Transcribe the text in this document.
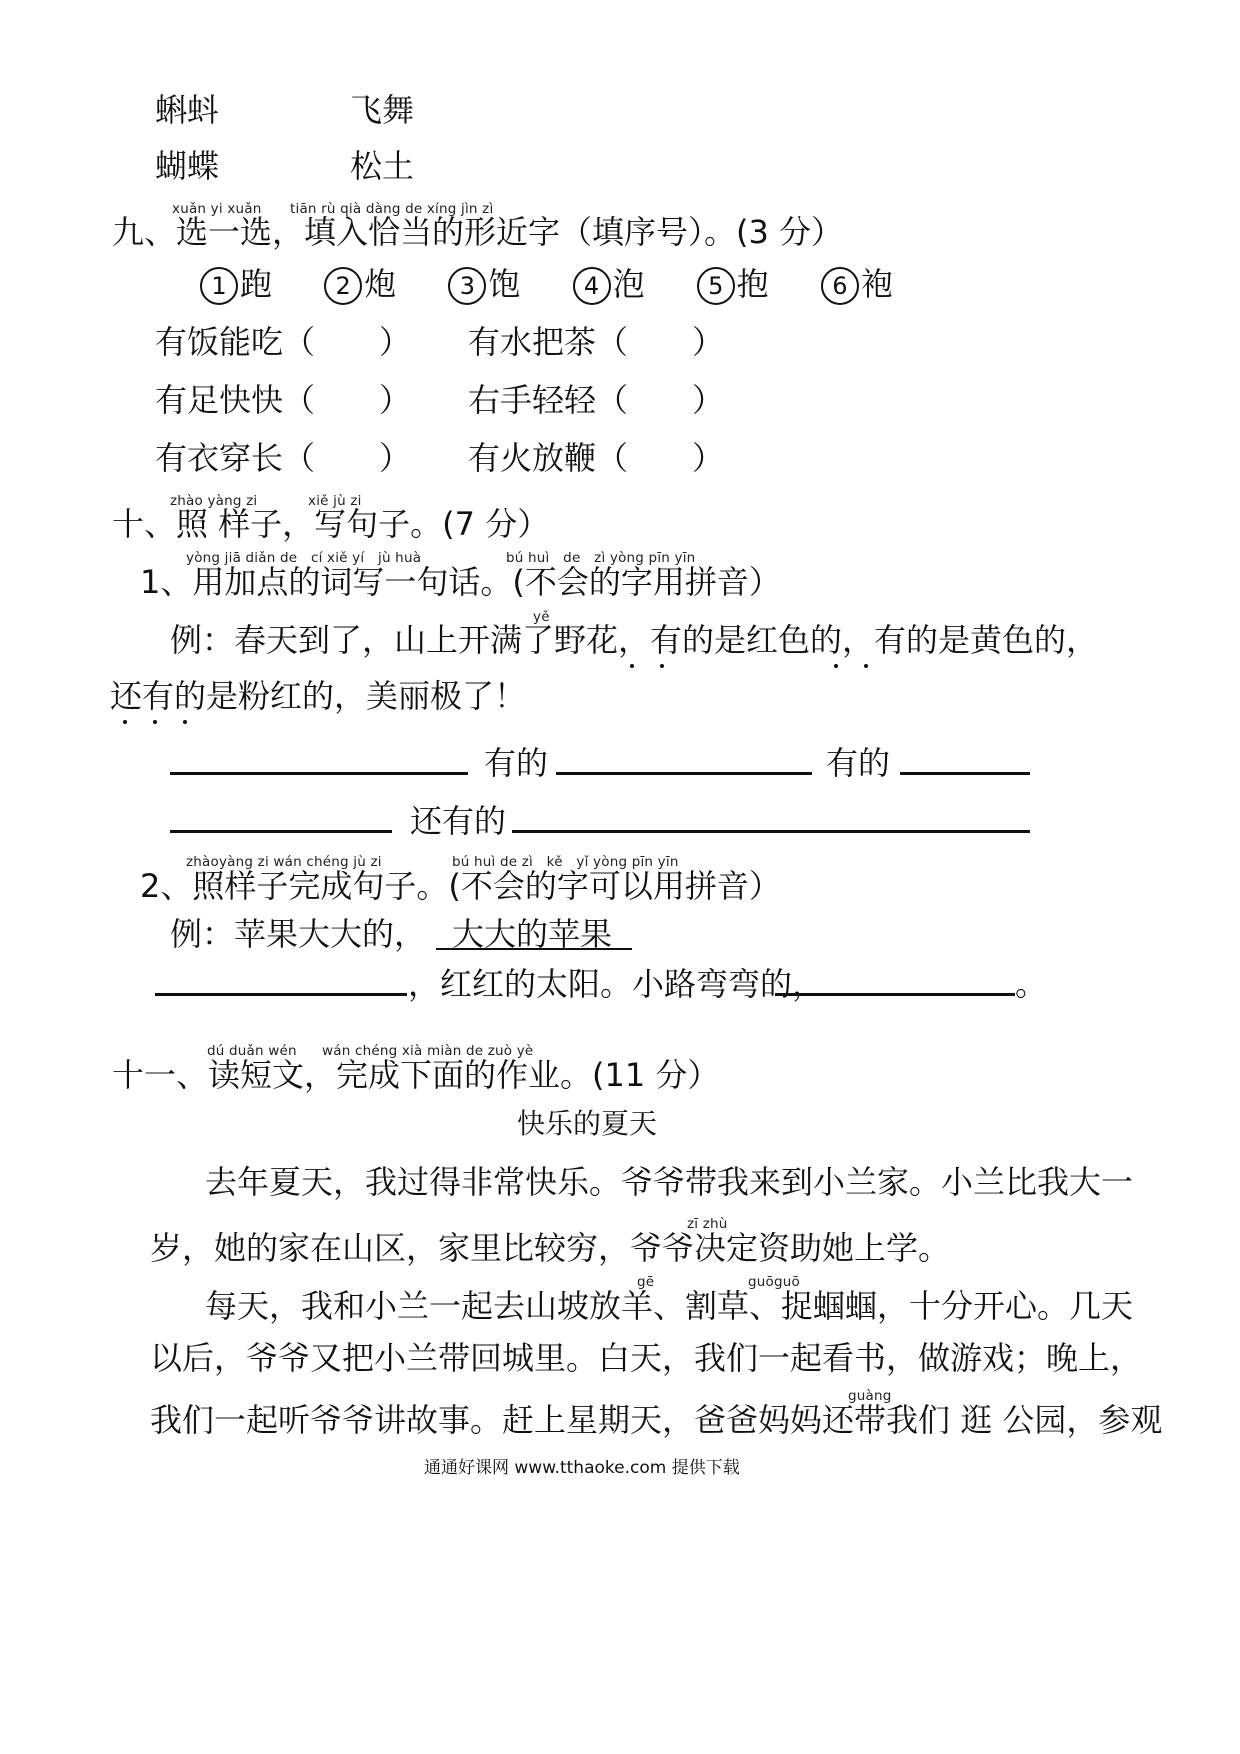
蝌蚪	飞舞
蝴蝶	松土
xuǎn yi xuǎn tiān rù qià dàng de xíng jìn zì
九、选一选，填入恰当的形近字（填序号）。(3 分）
1 跑	2 炮	3 饱	4 泡	5 抱	6 袍
有饭能吃（　　） 有水把茶（　　）
有足快快（　　） 右手轻轻（　　）
有衣穿长（　　） 有火放鞭（　　）
zhào yàng zi	xiě jù zi
十、照 样子，写句子。(7 分）
yòng jiā diǎn de　cí xiě yí　jù huà	bú huì　de　zì yòng pīn yīn
1、用加点的词写一句话。(不会的字用拼音）
yě
例：春天到了，山上开满了野花，有的是红色的，有的是黄色的，
还有的是粉红的，美丽极了！
有的	有的
还有的
zhàoyàng zi wán chéng jù zi	bú huì de zì　kě　yǐ yòng pīn yīn
2、照样子完成句子。(不会的字可以用拼音）
例：苹果大大的， 大大的苹果
，红红的太阳。小路弯弯的，	。
dú duǎn wén wán chéng xià miàn de zuò yè
十一、读短文，完成下面的作业。(11 分）
快乐的夏天
去年夏天，我过得非常快乐。爷爷带我来到小兰家。小兰比我大一
zī zhù
岁，她的家在山区，家里比较穷，爷爷决定资助她上学。
gē	guōguō
每天，我和小兰一起去山坡放羊、割草、捉蝈蝈，十分开心。几天
以后，爷爷又把小兰带回城里。白天，我们一起看书，做游戏；晚上，
guàng
我们一起听爷爷讲故事。赶上星期天，爸爸妈妈还带我们 逛 公园，参观
通通好课网 www.tthaoke.com 提供下载
